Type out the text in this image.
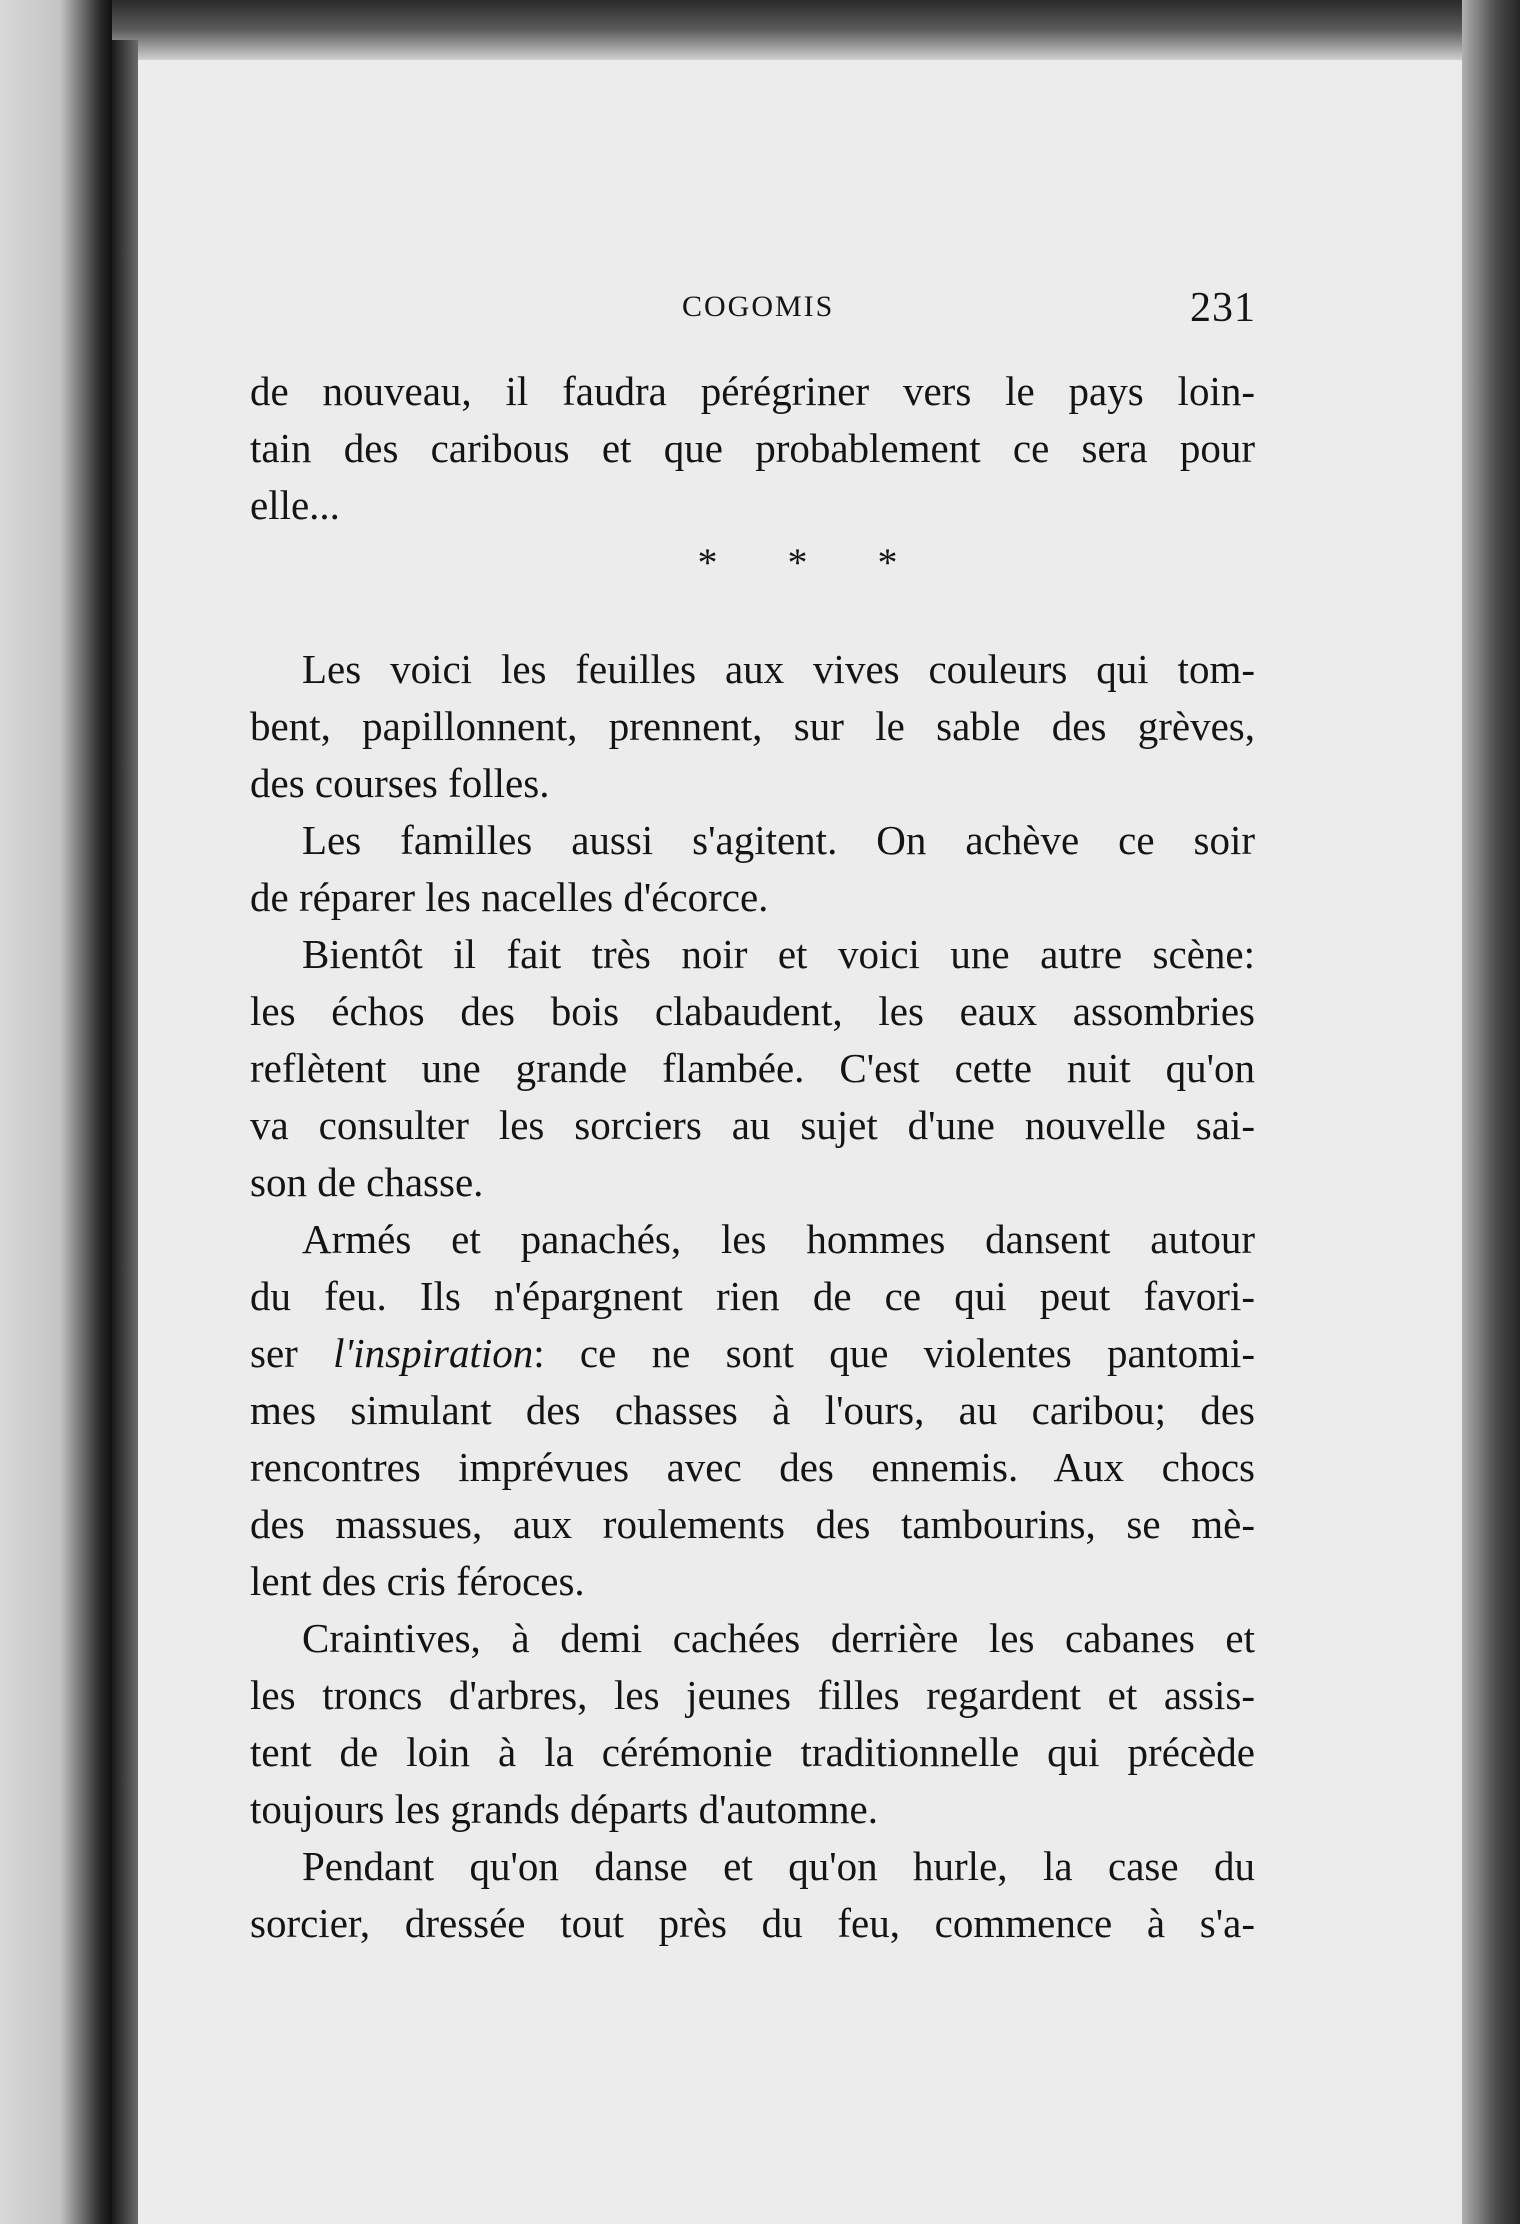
COGOMIS	231
de nouveau, il faudra pérégriner vers le pays loin-
tain des caribous et que probablement ce sera pour
elle...
* * *
Les voici les feuilles aux vives couleurs qui tom-
bent, papillonnent, prennent, sur le sable des grèves,
des courses folles.
Les familles aussi s'agitent. On achève ce soir
de réparer les nacelles d'écorce.
Bientôt il fait très noir et voici une autre scène:
les échos des bois clabaudent, les eaux assombries
reflètent une grande flambée. C'est cette nuit qu'on
va consulter les sorciers au sujet d'une nouvelle sai-
son de chasse.
Armés et panachés, les hommes dansent autour
du feu. Ils n'épargnent rien de ce qui peut favori-
ser l'inspiration: ce ne sont que violentes pantomi-
mes simulant des chasses à l'ours, au caribou; des
rencontres imprévues avec des ennemis. Aux chocs
des massues, aux roulements des tambourins, se mè-
lent des cris féroces.
Craintives, à demi cachées derrière les cabanes et
les troncs d'arbres, les jeunes filles regardent et assis-
tent de loin à la cérémonie traditionnelle qui précède
toujours les grands départs d'automne.
Pendant qu'on danse et qu'on hurle, la case du
sorcier, dressée tout près du feu, commence à s'a-
